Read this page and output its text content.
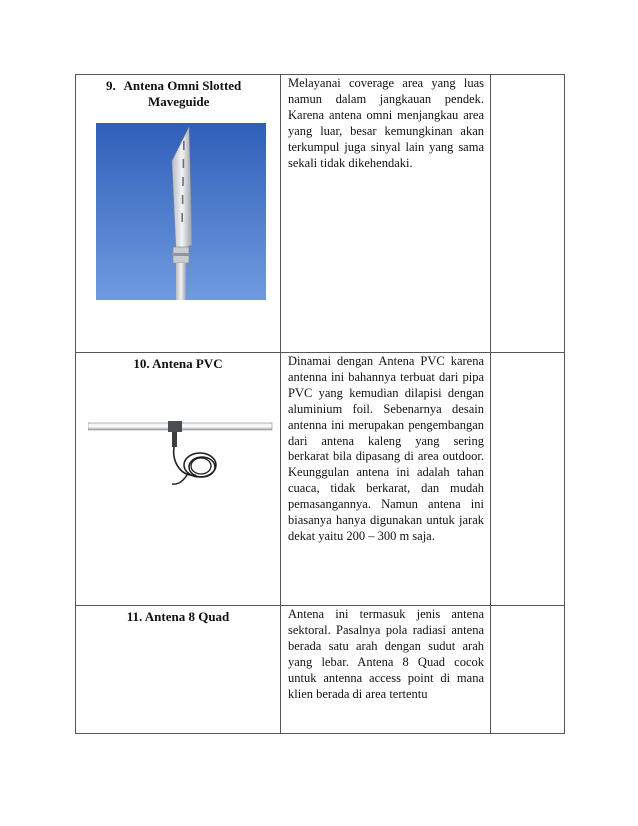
9. Antena Omni Slotted
Maveguide	Melayanai coverage area yang luas namun dalam jangkauan pendek. Karena antena omni menjangkau area yang luar, besar kemungkinan akan terkumpul juga sinyal lain yang sama sekali tidak dikehendaki.	

10. Antena PVC	Dinamai dengan Antena PVC karena antenna ini bahannya terbuat dari pipa PVC yang kemudian dilapisi dengan aluminium foil. Sebenarnya desain antenna ini merupakan pengembangan dari antena kaleng yang sering berkarat bila dipasang di area outdoor. Keunggulan antena ini adalah tahan cuaca, tidak berkarat, dan mudah pemasangannya. Namun antena ini biasanya hanya digunakan untuk jarak dekat yaitu 200 – 300 m saja.	

11. Antena 8 Quad	Antena ini termasuk jenis antena sektoral. Pasalnya pola radiasi antena berada satu arah dengan sudut arah yang lebar. Antena 8 Quad cocok untuk antenna access point di mana klien berada di area tertentu	
